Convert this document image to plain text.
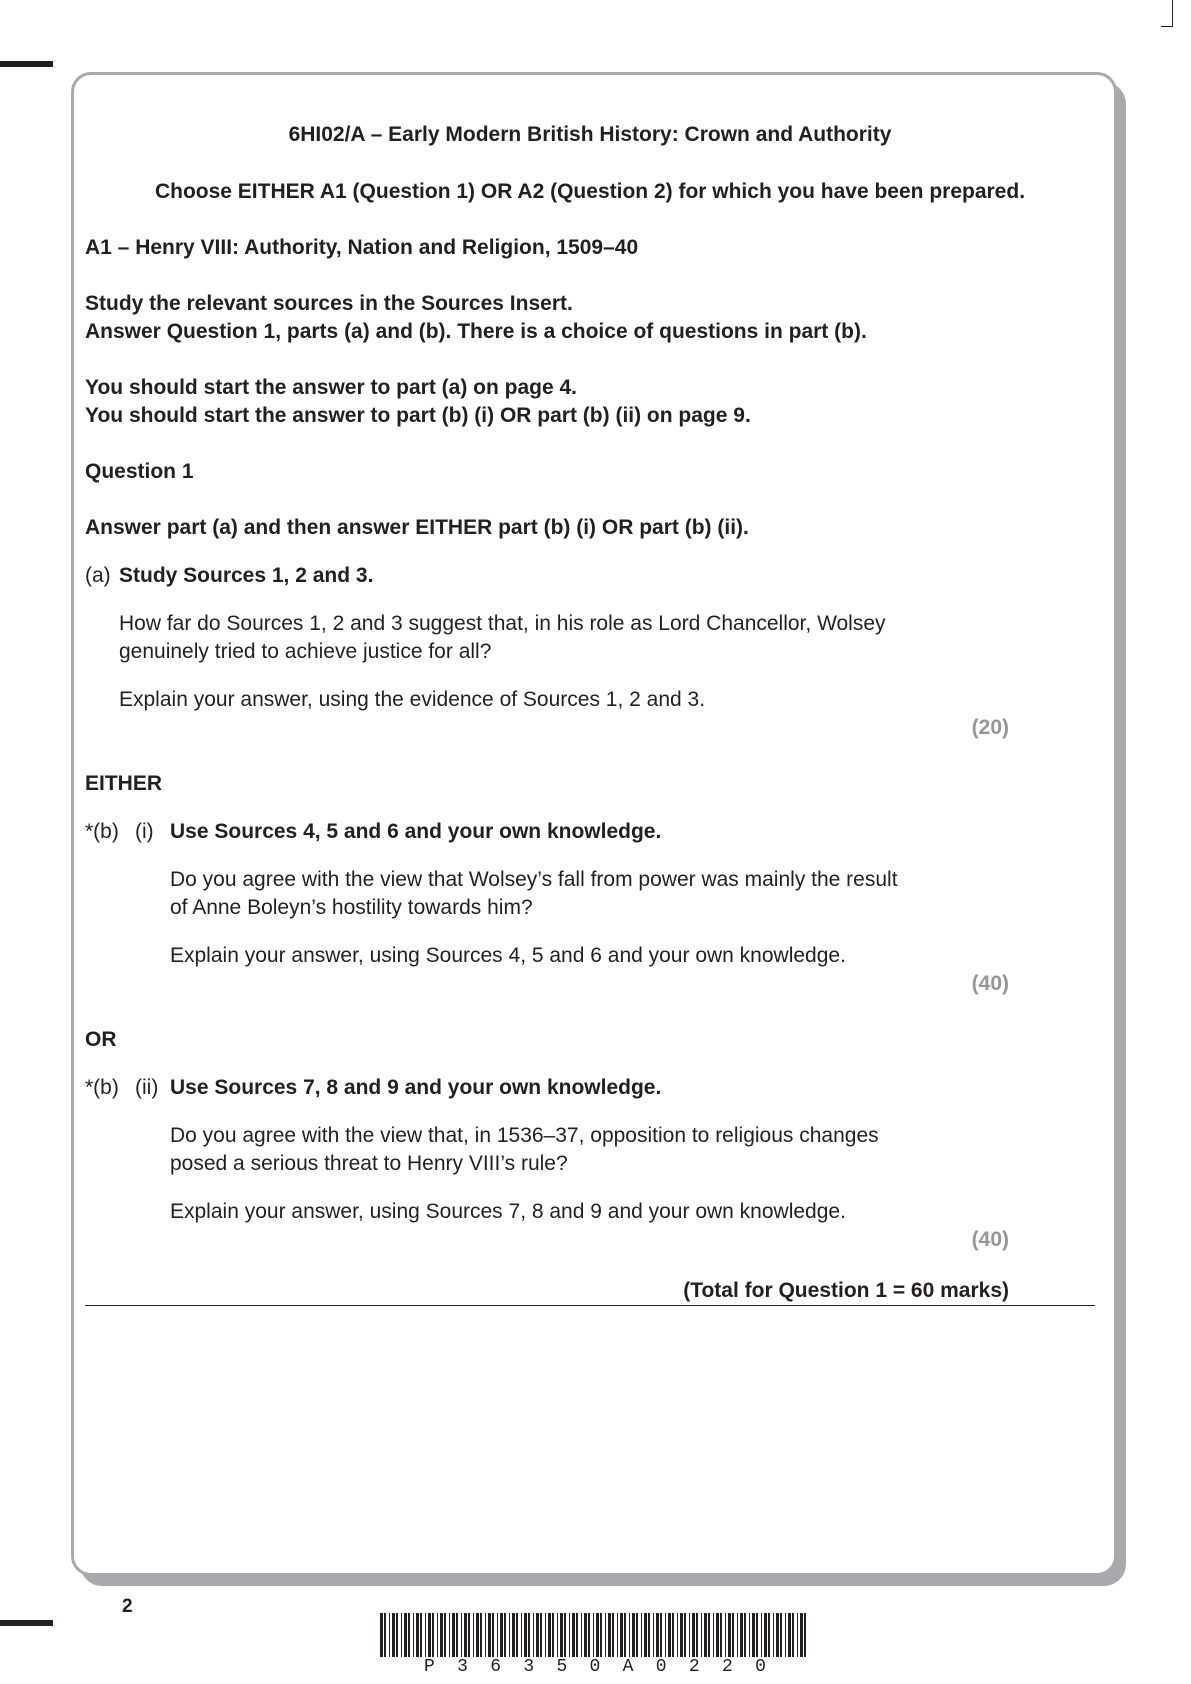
6HI02/A – Early Modern British History: Crown and Authority
Choose EITHER A1 (Question 1) OR A2 (Question 2) for which you have been prepared.
A1 – Henry VIII: Authority, Nation and Religion, 1509–40
Study the relevant sources in the Sources Insert.
Answer Question 1, parts (a) and (b). There is a choice of questions in part (b).
You should start the answer to part (a) on page 4.
You should start the answer to part (b) (i) OR part (b) (ii) on page 9.
Question 1
Answer part (a) and then answer EITHER part (b) (i) OR part (b) (ii).
(a) Study Sources 1, 2 and 3.
How far do Sources 1, 2 and 3 suggest that, in his role as Lord Chancellor, Wolsey
genuinely tried to achieve justice for all?
Explain your answer, using the evidence of Sources 1, 2 and 3.
(20)
EITHER
*(b) (i) Use Sources 4, 5 and 6 and your own knowledge.
Do you agree with the view that Wolsey’s fall from power was mainly the result
of Anne Boleyn’s hostility towards him?
Explain your answer, using Sources 4, 5 and 6 and your own knowledge.
(40)
OR
*(b) (ii) Use Sources 7, 8 and 9 and your own knowledge.
Do you agree with the view that, in 1536–37, opposition to religious changes
posed a serious threat to Henry VIII’s rule?
Explain your answer, using Sources 7, 8 and 9 and your own knowledge.
(40)
(Total for Question 1 = 60 marks)
2
P 3 6 3 5 0 A 0 2 2 0
